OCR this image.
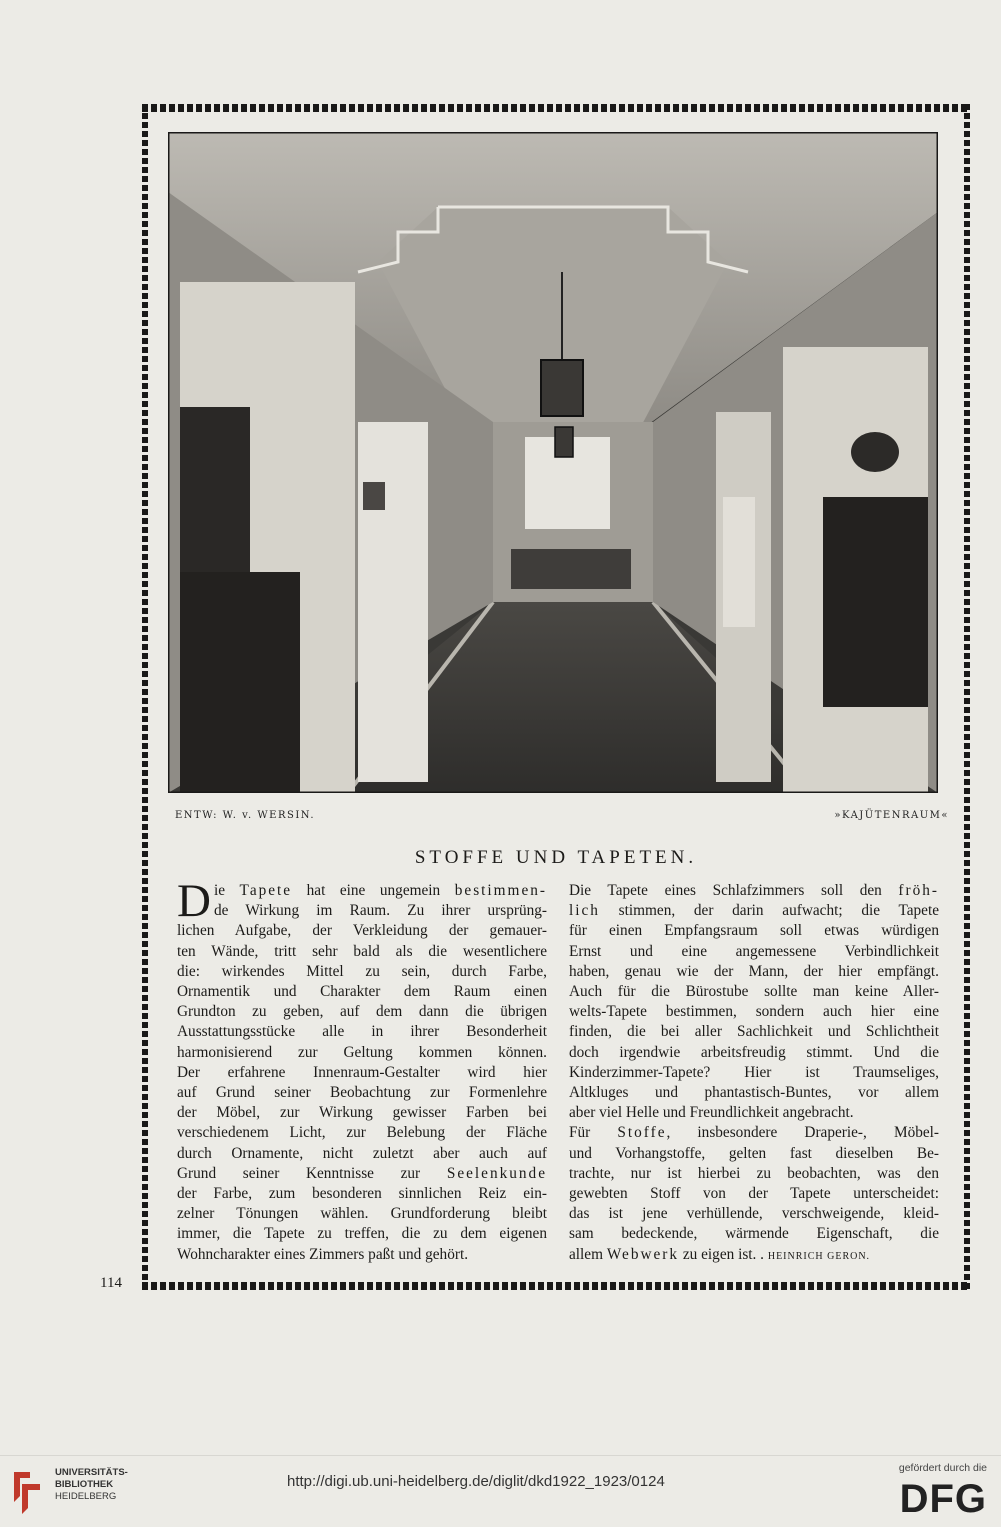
ENTW: W. v. WERSIN.	»KAJÜTENRAUM«
STOFFE UND TAPETEN.

Die Tapete hat eine ungemein bestimmen-

de Wirkung im Raum. Zu ihrer ursprüng-

lichen Aufgabe, der Verkleidung der gemauer-

ten Wände, tritt sehr bald als die wesentlichere

die: wirkendes Mittel zu sein, durch Farbe,

Ornamentik und Charakter dem Raum einen

Grundton zu geben, auf dem dann die übrigen

Ausstattungsstücke alle in ihrer Besonderheit

harmonisierend zur Geltung kommen können.

Der erfahrene Innenraum-Gestalter wird hier

auf Grund seiner Beobachtung zur Formenlehre

der Möbel, zur Wirkung gewisser Farben bei

verschiedenem Licht, zur Belebung der Fläche

durch Ornamente, nicht zuletzt aber auch auf

Grund seiner Kenntnisse zur Seelenkunde

der Farbe, zum besonderen sinnlichen Reiz ein-

zelner Tönungen wählen. Grundforderung bleibt

immer, die Tapete zu treffen, die zu dem eigenen

Wohncharakter eines Zimmers paßt und gehört.

Die Tapete eines Schlafzimmers soll den fröh-

lich stimmen, der darin aufwacht; die Tapete

für einen Empfangsraum soll etwas würdigen

Ernst und eine angemessene Verbindlichkeit

haben, genau wie der Mann, der hier empfängt.

Auch für die Bürostube sollte man keine Aller-

welts-Tapete bestimmen, sondern auch hier eine

finden, die bei aller Sachlichkeit und Schlichtheit

doch irgendwie arbeitsfreudig stimmt. Und die

Kinderzimmer-Tapete? Hier ist Traumseliges,

Altkluges und phantastisch-Buntes, vor allem

aber viel Helle und Freundlichkeit angebracht.

Für Stoffe, insbesondere Draperie-, Möbel-

und Vorhangstoffe, gelten fast dieselben Be-

trachte, nur ist hierbei zu beobachten, was den

gewebten Stoff von der Tapete unterscheidet:

das ist jene verhüllende, verschweigende, kleid-

sam bedeckende, wärmende Eigenschaft, die

allem Webwerk zu eigen ist. . HEINRICH GERON.

114
UNIVERSITÄTS-
BIBLIOTHEK
HEIDELBERG
http://digi.ub.uni-heidelberg.de/diglit/dkd1922_1923/0124
gefördert durch die
DFG
